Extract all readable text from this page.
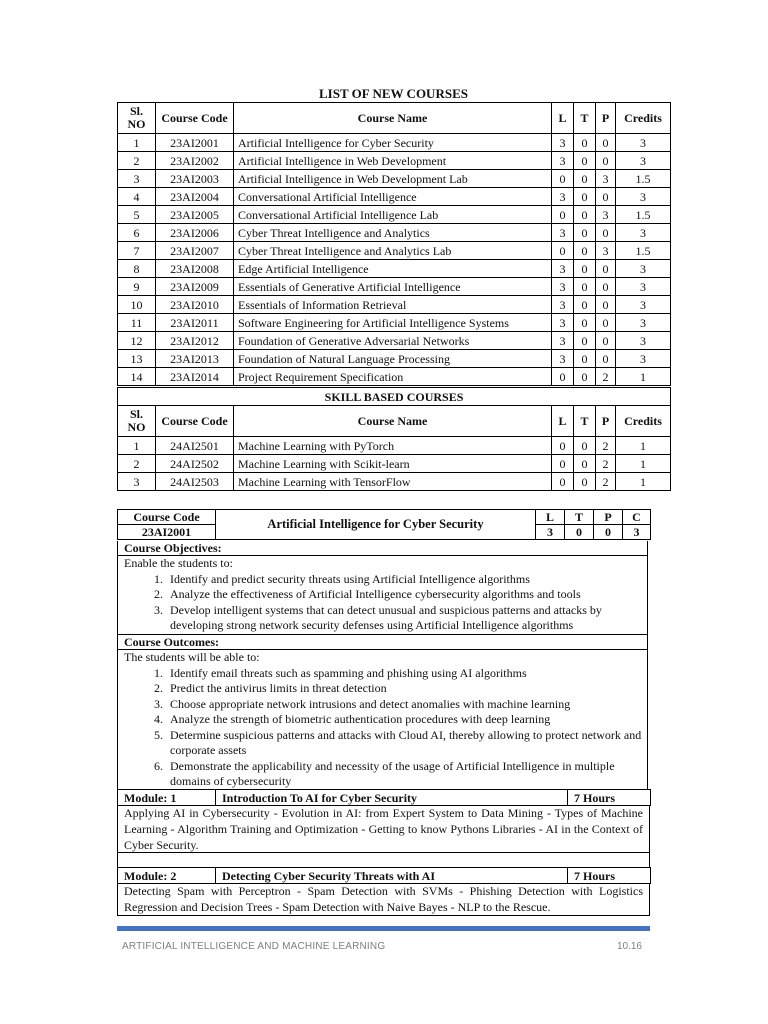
LIST OF NEW COURSES
Sl. NO	Course Code	Course Name	L	T	P	Credits
1	23AI2001	Artificial Intelligence for Cyber Security	3	0	0	3
2	23AI2002	Artificial Intelligence in Web Development	3	0	0	3
3	23AI2003	Artificial Intelligence in Web Development Lab	0	0	3	1.5
4	23AI2004	Conversational Artificial Intelligence	3	0	0	3
5	23AI2005	Conversational Artificial Intelligence Lab	0	0	3	1.5
6	23AI2006	Cyber Threat Intelligence and Analytics	3	0	0	3
7	23AI2007	Cyber Threat Intelligence and Analytics Lab	0	0	3	1.5
8	23AI2008	Edge Artificial Intelligence	3	0	0	3
9	23AI2009	Essentials of Generative Artificial Intelligence	3	0	0	3
10	23AI2010	Essentials of Information Retrieval	3	0	0	3
11	23AI2011	Software Engineering for Artificial Intelligence Systems	3	0	0	3
12	23AI2012	Foundation of Generative Adversarial Networks	3	0	0	3
13	23AI2013	Foundation of Natural Language Processing	3	0	0	3
14	23AI2014	Project Requirement Specification	0	0	2	1
SKILL BASED COURSES						
Sl. NO	Course Code	Course Name	L	T	P	Credits
1	24AI2501	Machine Learning with PyTorch	0	0	2	1
2	24AI2502	Machine Learning with Scikit-learn	0	0	2	1
3	24AI2503	Machine Learning with TensorFlow	0	0	2	1
Course Code	Artificial Intelligence for Cyber Security	L	T	P	C
23AI2001		3	0	0	3
Course Objectives:
Enable the students to:
1. Identify and predict security threats using Artificial Intelligence algorithms
2. Analyze the effectiveness of Artificial Intelligence cybersecurity algorithms and tools
3. Develop intelligent systems that can detect unusual and suspicious patterns and attacks by developing strong network security defenses using Artificial Intelligence algorithms
Course Outcomes:
The students will be able to:
1. Identify email threats such as spamming and phishing using AI algorithms
2. Predict the antivirus limits in threat detection
3. Choose appropriate network intrusions and detect anomalies with machine learning
4. Analyze the strength of biometric authentication procedures with deep learning
5. Determine suspicious patterns and attacks with Cloud AI, thereby allowing to protect network and corporate assets
6. Demonstrate the applicability and necessity of the usage of Artificial Intelligence in multiple domains of cybersecurity
Module: 1	Introduction To AI for Cyber Security	7 Hours
Applying AI in Cybersecurity - Evolution in AI: from Expert System to Data Mining - Types of Machine Learning - Algorithm Training and Optimization - Getting to know Pythons Libraries - AI in the Context of Cyber Security.
Module: 2	Detecting Cyber Security Threats with AI	7 Hours
Detecting Spam with Perceptron - Spam Detection with SVMs - Phishing Detection with Logistics Regression and Decision Trees - Spam Detection with Naive Bayes - NLP to the Rescue.
ARTIFICIAL INTELLIGENCE AND MACHINE LEARNING	10.16
